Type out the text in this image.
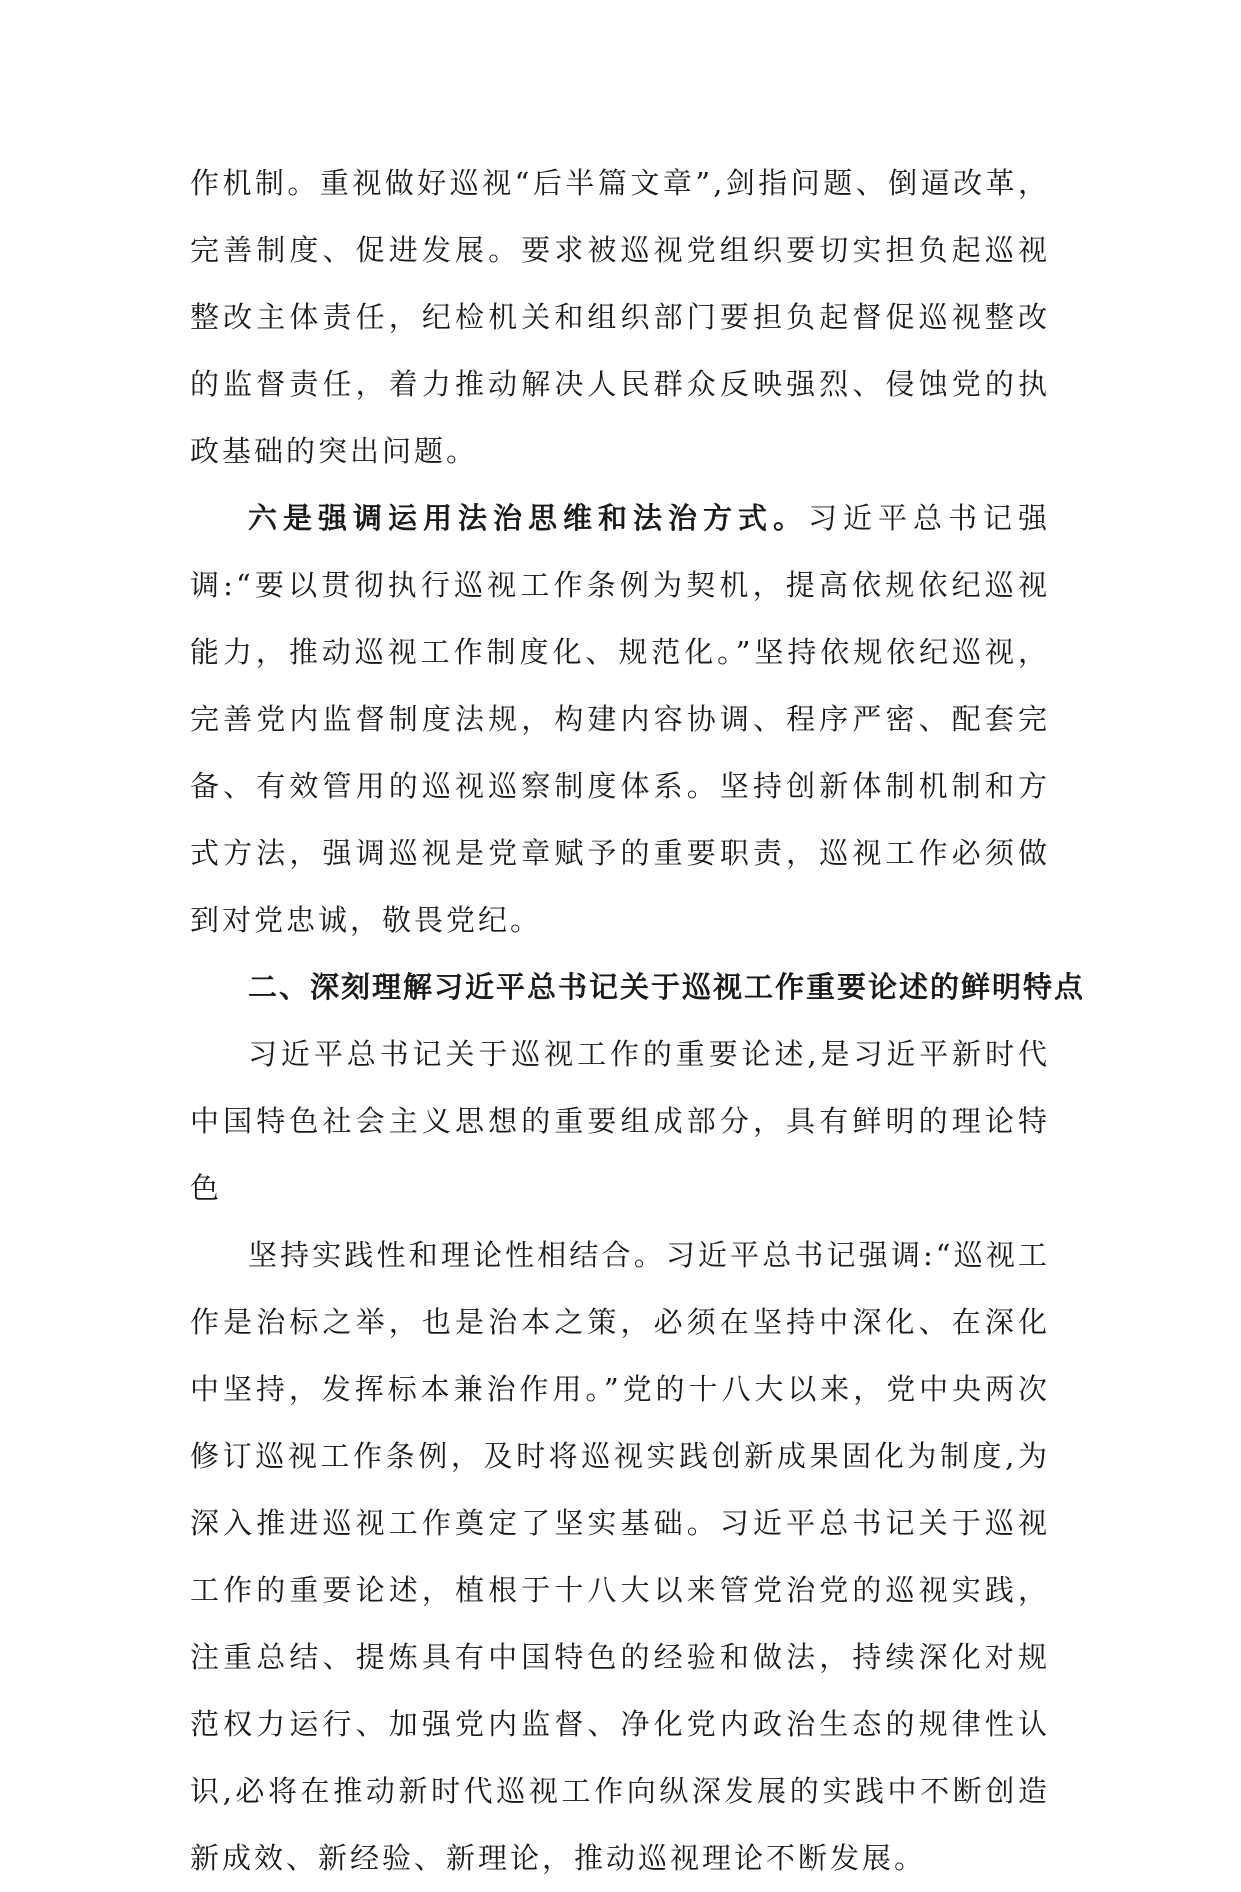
作机制。重视做好巡视“后半篇文章”,剑指问题、倒逼改革，完善制度、促进发展。要求被巡视党组织要切实担负起巡视整改主体责任，纪检机关和组织部门要担负起督促巡视整改的监督责任，着力推动解决人民群众反映强烈、侵蚀党的执政基础的突出问题。

六是强调运用法治思维和法治方式。习近平总书记强调:“要以贯彻执行巡视工作条例为契机，提高依规依纪巡视能力，推动巡视工作制度化、规范化。”坚持依规依纪巡视，完善党内监督制度法规，构建内容协调、程序严密、配套完备、有效管用的巡视巡察制度体系。坚持创新体制机制和方式方法，强调巡视是党章赋予的重要职责，巡视工作必须做到对党忠诚，敬畏党纪。

二、深刻理解习近平总书记关于巡视工作重要论述的鲜明特点

习近平总书记关于巡视工作的重要论述,是习近平新时代中国特色社会主义思想的重要组成部分，具有鲜明的理论特色

坚持实践性和理论性相结合。习近平总书记强调:“巡视工作是治标之举，也是治本之策，必须在坚持中深化、在深化中坚持，发挥标本兼治作用。”党的十八大以来，党中央两次修订巡视工作条例，及时将巡视实践创新成果固化为制度,为深入推进巡视工作奠定了坚实基础。习近平总书记关于巡视工作的重要论述，植根于十八大以来管党治党的巡视实践，注重总结、提炼具有中国特色的经验和做法，持续深化对规范权力运行、加强党内监督、净化党内政治生态的规律性认识,必将在推动新时代巡视工作向纵深发展的实践中不断创造新成效、新经验、新理论，推动巡视理论不断发展。
